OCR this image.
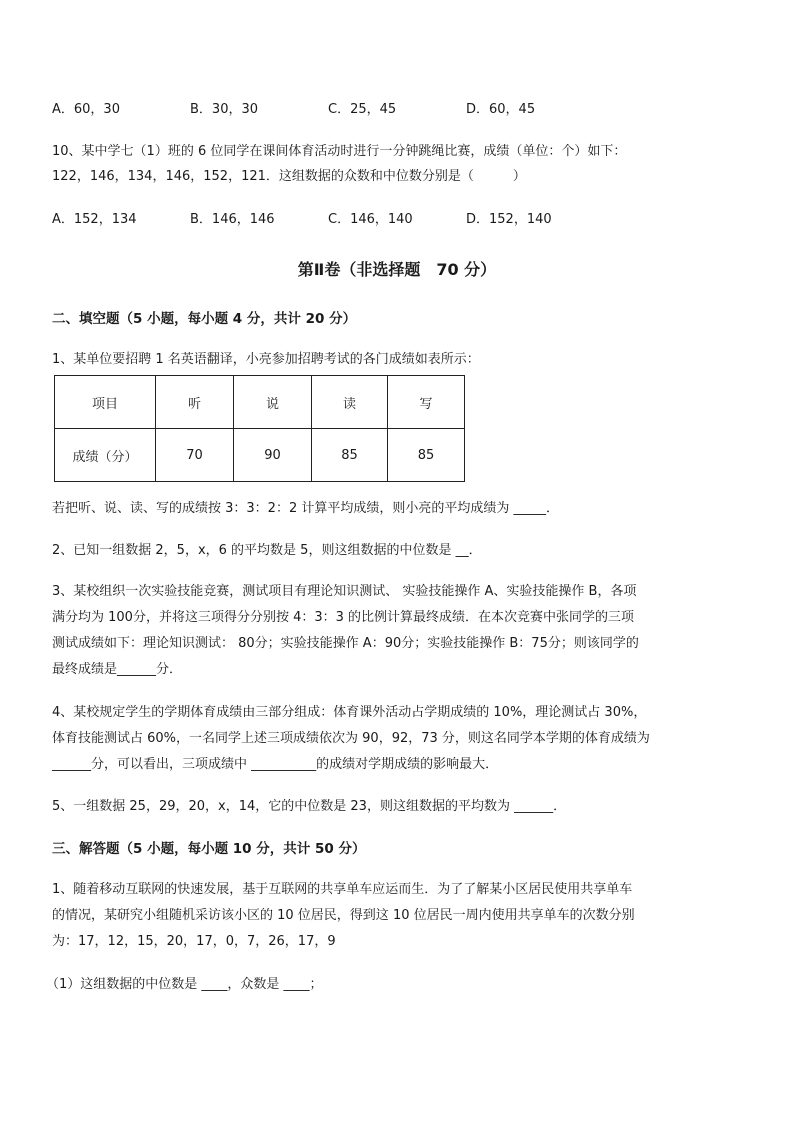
A．60，30	B．30，30	C．25，45	D．60，45
10、某中学七（1）班的 6 位同学在课间体育活动时进行一分钟跳绳比赛，成绩（单位：个）如下：
122，146，134，146，152，121．这组数据的众数和中位数分别是（　　　）
A．152，134	B．146，146	C．146，140	D．152，140
第Ⅱ卷（非选择题　70 分）
二、填空题（5 小题，每小题 4 分，共计 20 分）
1、某单位要招聘 1 名英语翻译，小亮参加招聘考试的各门成绩如表所示：
项目	听	说	读	写
成绩（分）	70	90	85	85
若把听、说、读、写的成绩按 3：3：2：2 计算平均成绩，则小亮的平均成绩为 _____．
2、已知一组数据 2，5，x，6 的平均数是 5，则这组数据的中位数是 __．
3、某校组织一次实验技能竞赛，测试项目有理论知识测试、 实验技能操作 A、实验技能操作 B，各项
满分均为 100分，并将这三项得分分别按 4：3：3 的比例计算最终成绩．在本次竞赛中张同学的三项
测试成绩如下：理论知识测试： 80分；实验技能操作 A：90分；实验技能操作 B：75分；则该同学的
最终成绩是______分．
4、某校规定学生的学期体育成绩由三部分组成：体育课外活动占学期成绩的 10%，理论测试占 30%，
体育技能测试占 60%，一名同学上述三项成绩依次为 90，92，73 分，则这名同学本学期的体育成绩为
______分，可以看出，三项成绩中 __________的成绩对学期成绩的影响最大．
5、一组数据 25，29，20，x，14，它的中位数是 23，则这组数据的平均数为 ______．
三、解答题（5 小题，每小题 10 分，共计 50 分）
1、随着移动互联网的快速发展，基于互联网的共享单车应运而生．为了了解某小区居民使用共享单车
的情况，某研究小组随机采访该小区的 10 位居民，得到这 10 位居民一周内使用共享单车的次数分别
为：17，12，15，20，17，0，7，26，17，9
（1）这组数据的中位数是 ____，众数是 ____；
